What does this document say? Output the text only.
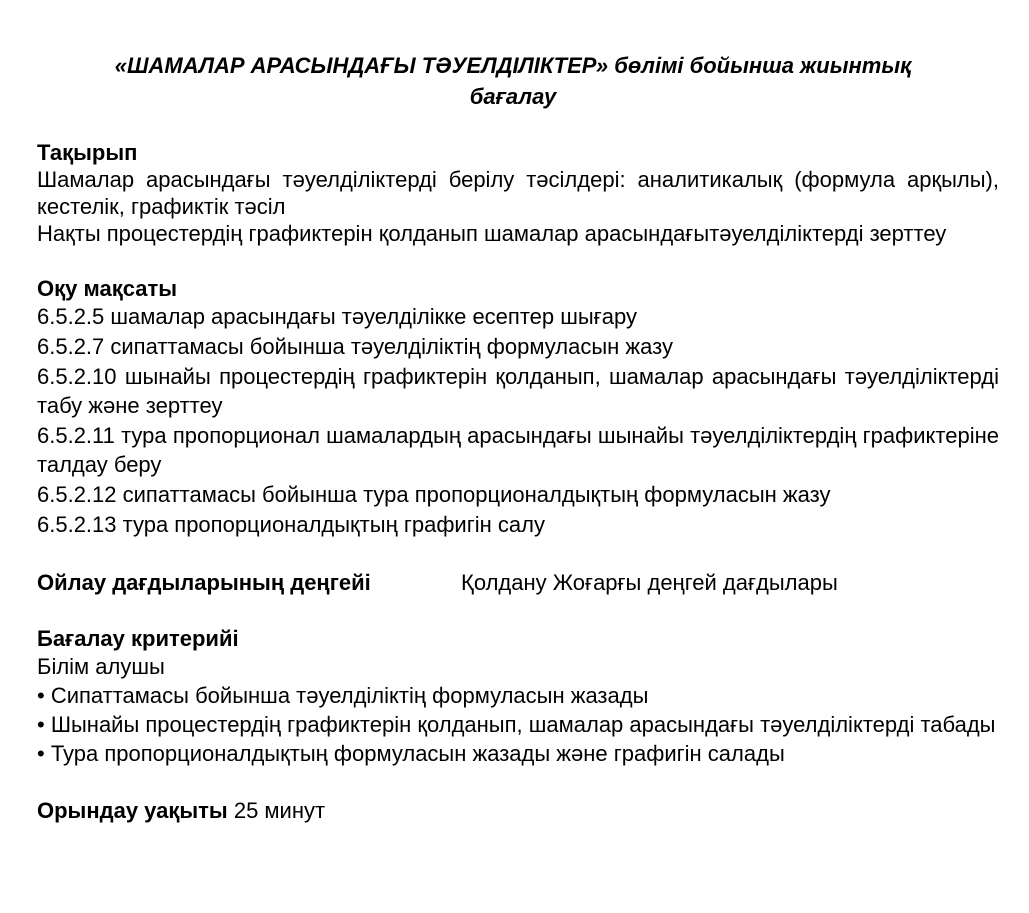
«ШАМАЛАР АРАСЫНДАҒЫ ТӘУЕЛДІЛІКТЕР» бөлімі бойынша жиынтық
бағалау
Тақырып

Шамалар арасындағы тәуелділіктерді берілу тәсілдері: аналитикалық (формула арқылы), кестелік, графиктік тәсіл

Нақты процестердің графиктерін қолданып шамалар арасындағытәуелділіктерді зерттеу

Оқу мақсаты

6.5.2.5 шамалар арасындағы тәуелділікке есептер шығару

6.5.2.7 сипаттамасы бойынша тәуелділіктің формуласын жазу

6.5.2.10 шынайы процестердің графиктерін қолданып, шамалар арасындағы тәуелділіктерді табу және зерттеу

6.5.2.11 тура пропорционал шамалардың арасындағы шынайы тәуелділіктердің графиктеріне талдау беру

6.5.2.12 сипаттамасы бойынша тура пропорционалдықтың формуласын жазу

6.5.2.13 тура пропорционалдықтың графигін салу

Ойлау дағдыларының деңгейі	Қолдану Жоғарғы деңгей дағдылары
Бағалау критерийі

Білім алушы

• Сипаттамасы бойынша тәуелділіктің формуласын жазады

• Шынайы процестердің графиктерін қолданып, шамалар арасындағы тәуелділіктерді табады

• Тура пропорционалдықтың формуласын жазады және графигін салады

Орындау уақыты 25 минут
